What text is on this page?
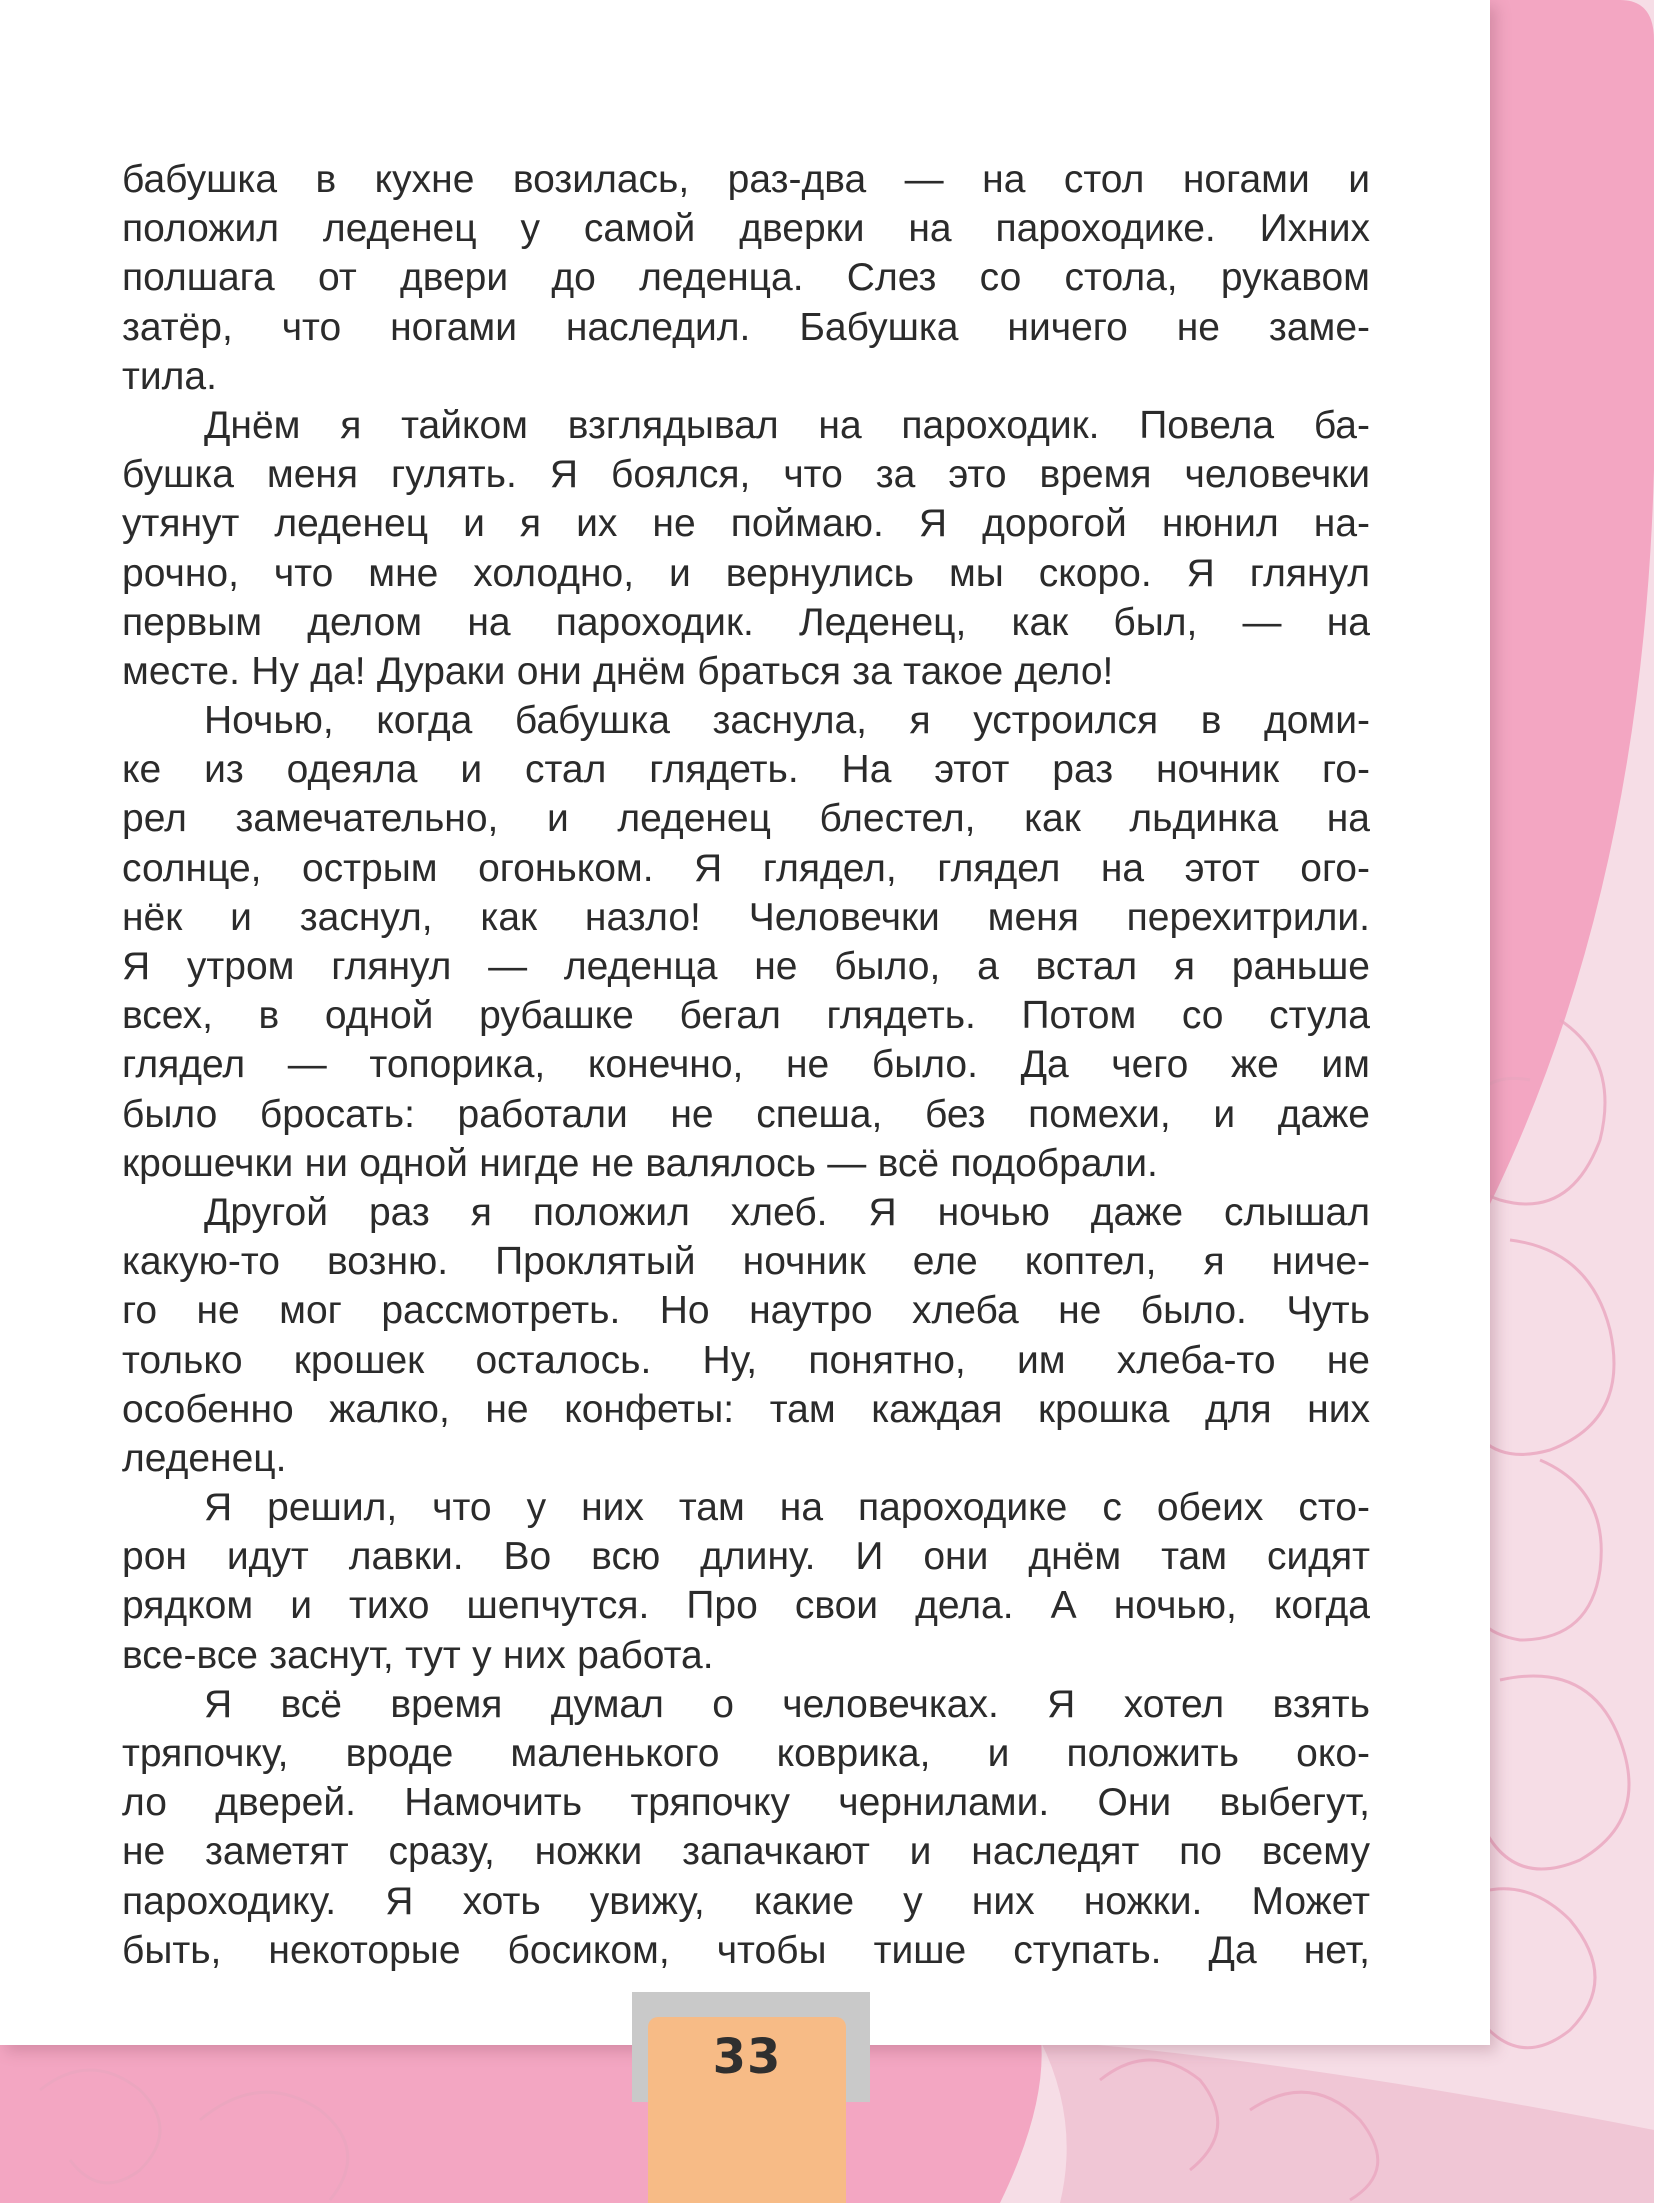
бабушка в кухне возилась, раз-два — на стол ногами и
положил леденец у самой дверки на пароходике. Ихних
полшага от двери до леденца. Слез со стола, рукавом
затёр, что ногами наследил. Бабушка ничего не заме-
тила.
Днём я тайком взглядывал на пароходик. Повела ба-
бушка меня гулять. Я боялся, что за это время человечки
утянут леденец и я их не поймаю. Я дорогой нюнил на-
рочно, что мне холодно, и вернулись мы скоро. Я глянул
первым делом на пароходик. Леденец, как был, — на
месте. Ну да! Дураки они днём браться за такое дело!
Ночью, когда бабушка заснула, я устроился в доми-
ке из одеяла и стал глядеть. На этот раз ночник го-
рел замечательно, и леденец блестел, как льдинка на
солнце, острым огоньком. Я глядел, глядел на этот ого-
нёк и заснул, как назло! Человечки меня перехитрили.
Я утром глянул — леденца не было, а встал я раньше
всех, в одной рубашке бегал глядеть. Потом со стула
глядел — топорика, конечно, не было. Да чего же им
было бросать: работали не спеша, без помехи, и даже
крошечки ни одной нигде не валялось — всё подобрали.
Другой раз я положил хлеб. Я ночью даже слышал
какую-то возню. Проклятый ночник еле коптел, я ниче-
го не мог рассмотреть. Но наутро хлеба не было. Чуть
только крошек осталось. Ну, понятно, им хлеба-то не
особенно жалко, не конфеты: там каждая крошка для них
леденец.
Я решил, что у них там на пароходике с обеих сто-
рон идут лавки. Во всю длину. И они днём там сидят
рядком и тихо шепчутся. Про свои дела. А ночью, когда
все-все заснут, тут у них работа.
Я всё время думал о человечках. Я хотел взять
тряпочку, вроде маленького коврика, и положить око-
ло дверей. Намочить тряпочку чернилами. Они выбегут,
не заметят сразу, ножки запачкают и наследят по всему
пароходику. Я хоть увижу, какие у них ножки. Может
быть, некоторые босиком, чтобы тише ступать. Да нет,
33
